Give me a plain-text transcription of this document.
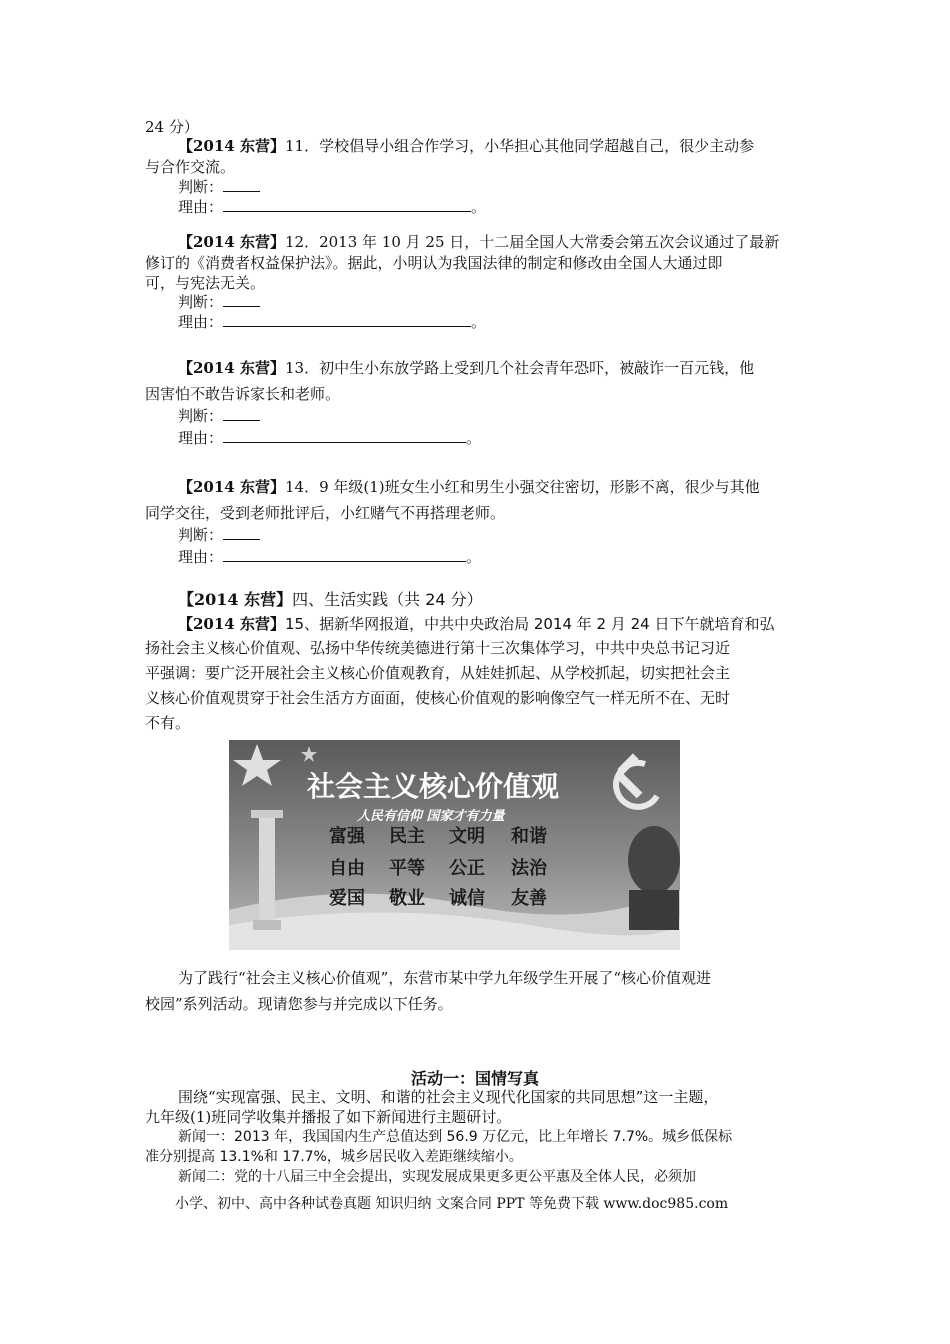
24 分）
【2014 东营】11．学校倡导小组合作学习，小华担心其他同学超越自己，很少主动参
与合作交流。
判断：
理由：	。
【2014 东营】12．2013 年 10 月 25 日，十二届全国人大常委会第五次会议通过了最新
修订的《消费者权益保护法》。据此，小明认为我国法律的制定和修改由全国人大通过即
可，与宪法无关。
判断：
理由：	。
【2014 东营】13．初中生小东放学路上受到几个社会青年恐吓，被敲诈一百元钱，他
因害怕不敢告诉家长和老师。
判断：
理由：	。
【2014 东营】14．9 年级(1)班女生小红和男生小强交往密切，形影不离，很少与其他
同学交往，受到老师批评后，小红赌气不再搭理老师。
判断：
理由：	。
【2014 东营】四、生活实践（共 24 分）
【2014 东营】15、据新华网报道，中共中央政治局 2014 年 2 月 24 日下午就培育和弘
扬社会主义核心价值观、弘扬中华传统美德进行第十三次集体学习，中共中央总书记习近
平强调：要广泛开展社会主义核心价值观教育，从娃娃抓起、从学校抓起，切实把社会主
义核心价值观贯穿于社会生活方方面面，使核心价值观的影响像空气一样无所不在、无时
不有。
社会主义核心价值观
人民有信仰 国家才有力量
富强 民主 文明 和谐
自由 平等 公正 法治
爱国 敬业 诚信 友善
为了践行“社会主义核心价值观”，东营市某中学九年级学生开展了“核心价值观进
校园”系列活动。现请您参与并完成以下任务。
活动一：国情写真
围绕“实现富强、民主、文明、和谐的社会主义现代化国家的共同思想”这一主题，
九年级(1)班同学收集并播报了如下新闻进行主题研讨。
新闻一：2013 年，我国国内生产总值达到 56.9 万亿元，比上年增长 7.7%。城乡低保标
准分别提高 13.1%和 17.7%，城乡居民收入差距继续缩小。
新闻二：党的十八届三中全会提出，实现发展成果更多更公平惠及全体人民，必须加
小学、初中、高中各种试卷真题 知识归纳 文案合同 PPT 等免费下载 www.doc985.com
